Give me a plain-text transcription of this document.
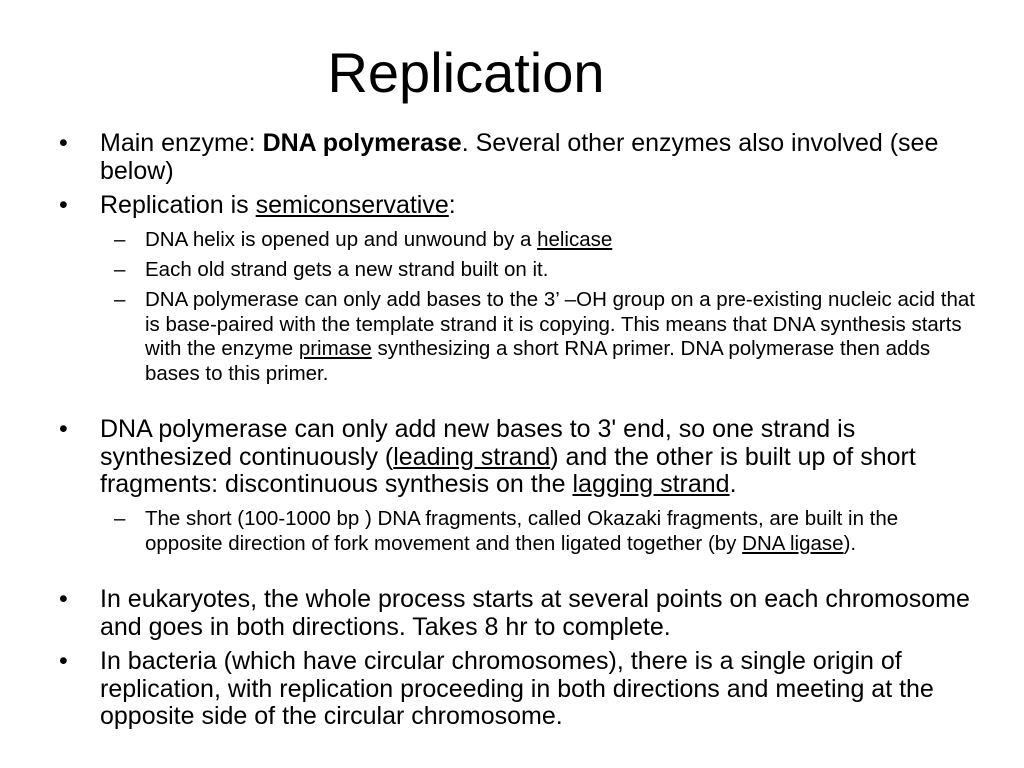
Replication

•	Main enzyme: DNA polymerase. Several other enzymes also involved (see below)

•	Replication is semiconservative:

– DNA helix is opened up and unwound by a helicase

– Each old strand gets a new strand built on it.

– DNA polymerase can only add bases to the 3’ –OH group on a pre-existing nucleic acid that is base-paired with the template strand it is copying. This means that DNA synthesis starts with the enzyme primase synthesizing a short RNA primer. DNA polymerase then adds bases to this primer.

•	DNA polymerase can only add new bases to 3' end, so one strand is synthesized continuously (leading strand) and the other is built up of short fragments: discontinuous synthesis on the lagging strand.

– The short (100-1000 bp ) DNA fragments, called Okazaki fragments, are built in the opposite direction of fork movement and then ligated together (by DNA ligase).

•	In eukaryotes, the whole process starts at several points on each chromosome and goes in both directions. Takes 8 hr to complete.

•	In bacteria (which have circular chromosomes), there is a single origin of replication, with replication proceeding in both directions and meeting at the opposite side of the circular chromosome.
